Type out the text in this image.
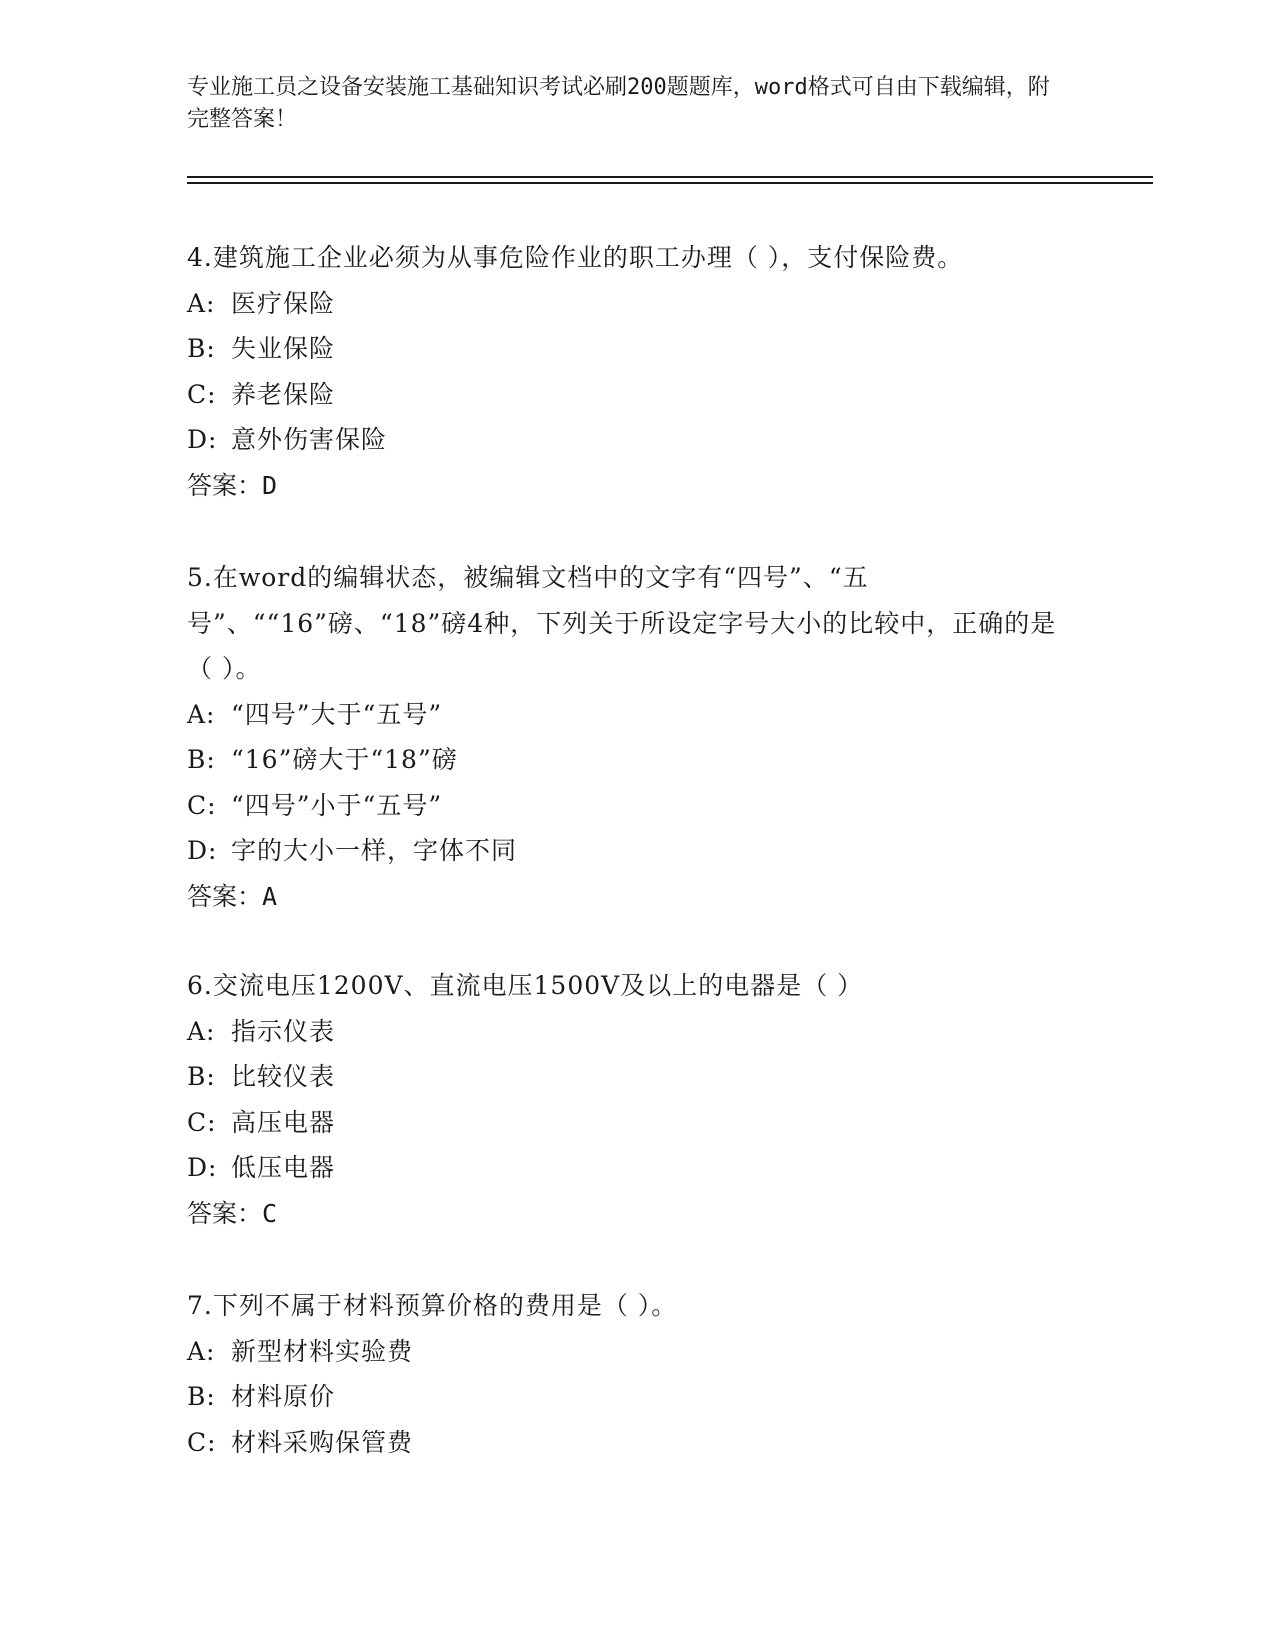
专业施工员之设备安装施工基础知识考试必刷200题题库，word格式可自由下载编辑，附完整答案！
4.建筑施工企业必须为从事危险作业的职工办理（ ），支付保险费。
A: 医疗保险
B: 失业保险
C: 养老保险
D: 意外伤害保险
答案：D
5.在word的编辑状态，被编辑文档中的文字有“四号”、“五号”、““16”磅、“18”磅4种，下列关于所设定字号大小的比较中，正确的是（ ）。
A: “四号”大于“五号”
B: “16”磅大于“18”磅
C: “四号”小于“五号”
D: 字的大小一样，字体不同
答案：A
6.交流电压1200V、直流电压1500V及以上的电器是（ ）
A: 指示仪表
B: 比较仪表
C: 高压电器
D: 低压电器
答案：C
7.下列不属于材料预算价格的费用是（ ）。
A: 新型材料实验费
B: 材料原价
C: 材料采购保管费
